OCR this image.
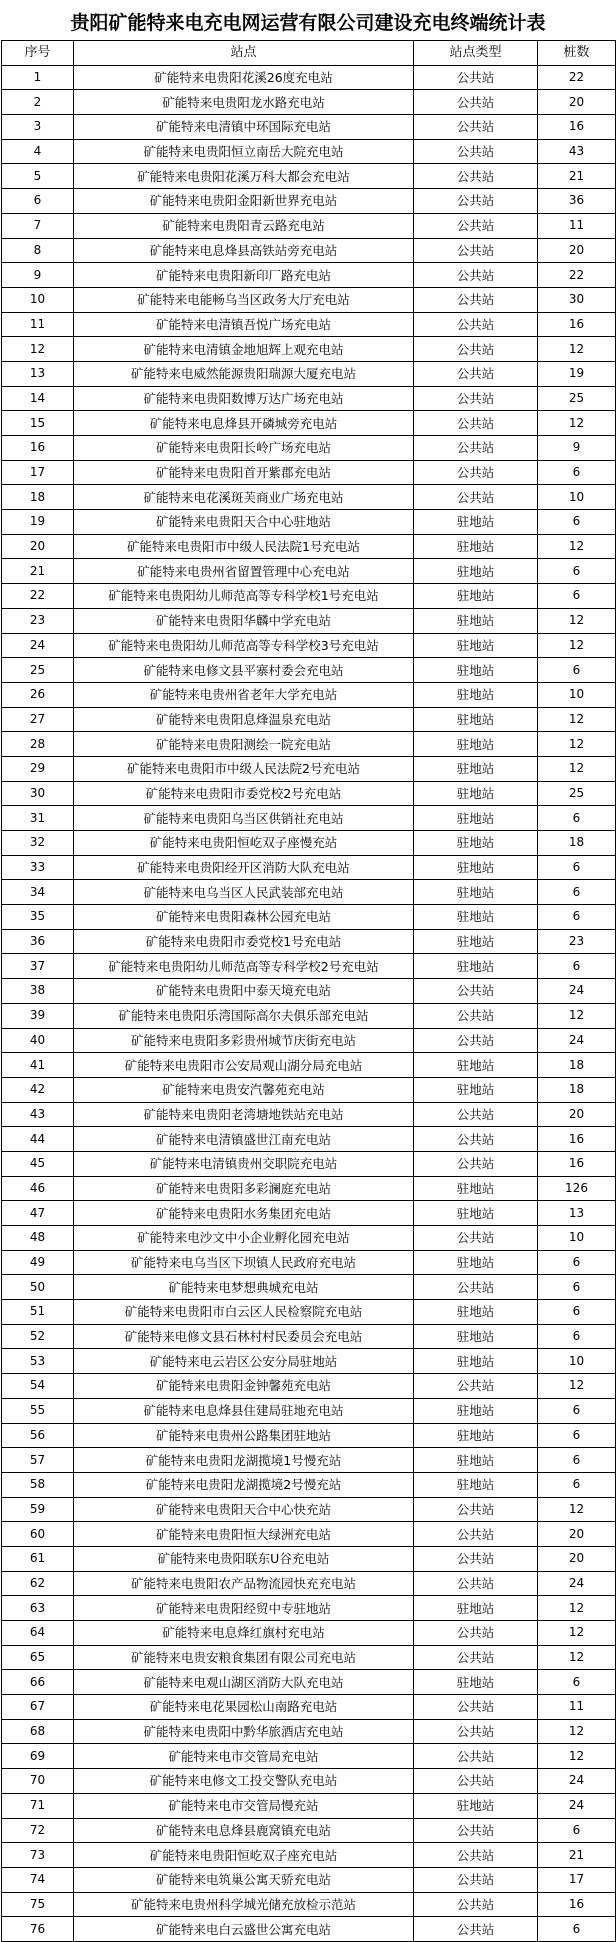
贵阳矿能特来电充电网运营有限公司建设充电终端统计表
序号	站点	站点类型	桩数
1	矿能特来电贵阳花溪26度充电站	公共站	22
2	矿能特来电贵阳龙水路充电站	公共站	20
3	矿能特来电清镇中环国际充电站	公共站	16
4	矿能特来电贵阳恒立南岳大院充电站	公共站	43
5	矿能特来电贵阳花溪万科大都会充电站	公共站	21
6	矿能特来电贵阳金阳新世界充电站	公共站	36
7	矿能特来电贵阳青云路充电站	公共站	11
8	矿能特来电息烽县高铁站旁充电站	公共站	20
9	矿能特来电贵阳新印厂路充电站	公共站	22
10	矿能特来电能畅乌当区政务大厅充电站	公共站	30
11	矿能特来电清镇吾悦广场充电站	公共站	16
12	矿能特来电清镇金地旭辉上观充电站	公共站	12
13	矿能特来电威然能源贵阳瑞源大厦充电站	公共站	19
14	矿能特来电贵阳数博万达广场充电站	公共站	25
15	矿能特来电息烽县开磷城旁充电站	公共站	12
16	矿能特来电贵阳长岭广场充电站	公共站	9
17	矿能特来电贵阳首开紫郡充电站	公共站	6
18	矿能特来电花溪斑芙商业广场充电站	公共站	10
19	矿能特来电贵阳天合中心驻地站	驻地站	6
20	矿能特来电贵阳市中级人民法院1号充电站	驻地站	12
21	矿能特来电贵州省留置管理中心充电站	驻地站	6
22	矿能特来电贵阳幼儿师范高等专科学校1号充电站	驻地站	6
23	矿能特来电贵阳华麟中学充电站	驻地站	12
24	矿能特来电贵阳幼儿师范高等专科学校3号充电站	驻地站	12
25	矿能特来电修文县平寨村委会充电站	驻地站	6
26	矿能特来电贵州省老年大学充电站	驻地站	10
27	矿能特来电贵阳息烽温泉充电站	驻地站	12
28	矿能特来电贵阳测绘一院充电站	驻地站	12
29	矿能特来电贵阳市中级人民法院2号充电站	驻地站	12
30	矿能特来电贵阳市委党校2号充电站	驻地站	25
31	矿能特来电贵阳乌当区供销社充电站	驻地站	6
32	矿能特来电贵阳恒屹双子座慢充站	驻地站	18
33	矿能特来电贵阳经开区消防大队充电站	驻地站	6
34	矿能特来电乌当区人民武装部充电站	驻地站	6
35	矿能特来电贵阳森林公园充电站	驻地站	6
36	矿能特来电贵阳市委党校1号充电站	驻地站	23
37	矿能特来电贵阳幼儿师范高等专科学校2号充电站	驻地站	6
38	矿能特来电贵阳中泰天境充电站	公共站	24
39	矿能特来电贵阳乐湾国际高尔夫俱乐部充电站	公共站	12
40	矿能特来电贵阳多彩贵州城节庆街充电站	公共站	24
41	矿能特来电贵阳市公安局观山湖分局充电站	驻地站	18
42	矿能特来电贵安汽馨苑充电站	驻地站	18
43	矿能特来电贵阳老湾塘地铁站充电站	公共站	20
44	矿能特来电清镇盛世江南充电站	公共站	16
45	矿能特来电清镇贵州交职院充电站	公共站	16
46	矿能特来电贵阳多彩澜庭充电站	驻地站	126
47	矿能特来电贵阳水务集团充电站	驻地站	13
48	矿能特来电沙文中小企业孵化园充电站	公共站	10
49	矿能特来电乌当区下坝镇人民政府充电站	驻地站	6
50	矿能特来电梦想典城充电站	公共站	6
51	矿能特来电贵阳市白云区人民检察院充电站	驻地站	6
52	矿能特来电修文县石林村村民委员会充电站	驻地站	6
53	矿能特来电云岩区公安分局驻地站	驻地站	10
54	矿能特来电贵阳金钟馨苑充电站	公共站	12
55	矿能特来电息烽县住建局驻地充电站	驻地站	6
56	矿能特来电贵州公路集团驻地站	驻地站	6
57	矿能特来电贵阳龙湖揽境1号慢充站	驻地站	6
58	矿能特来电贵阳龙湖揽境2号慢充站	驻地站	6
59	矿能特来电贵阳天合中心快充站	公共站	12
60	矿能特来电贵阳恒大绿洲充电站	公共站	20
61	矿能特来电贵阳联东U谷充电站	公共站	20
62	矿能特来电贵阳农产品物流园快充充电站	公共站	24
63	矿能特来电贵阳经贸中专驻地站	驻地站	12
64	矿能特来电息烽红旗村充电站	公共站	12
65	矿能特来电贵安粮食集团有限公司充电站	公共站	12
66	矿能特来电观山湖区消防大队充电站	驻地站	6
67	矿能特来电花果园松山南路充电站	公共站	11
68	矿能特来电贵阳中黔华旅酒店充电站	公共站	12
69	矿能特来电市交管局充电站	公共站	12
70	矿能特来电修文工投交警队充电站	公共站	24
71	矿能特来电市交管局慢充站	驻地站	24
72	矿能特来电息烽县鹿窝镇充电站	公共站	6
73	矿能特来电贵阳恒屹双子座充电站	公共站	21
74	矿能特来电筑巢公寓天骄充电站	公共站	17
75	矿能特来电贵州科学城光储充放检示范站	公共站	16
76	矿能特来电白云盛世公寓充电站	公共站	6
